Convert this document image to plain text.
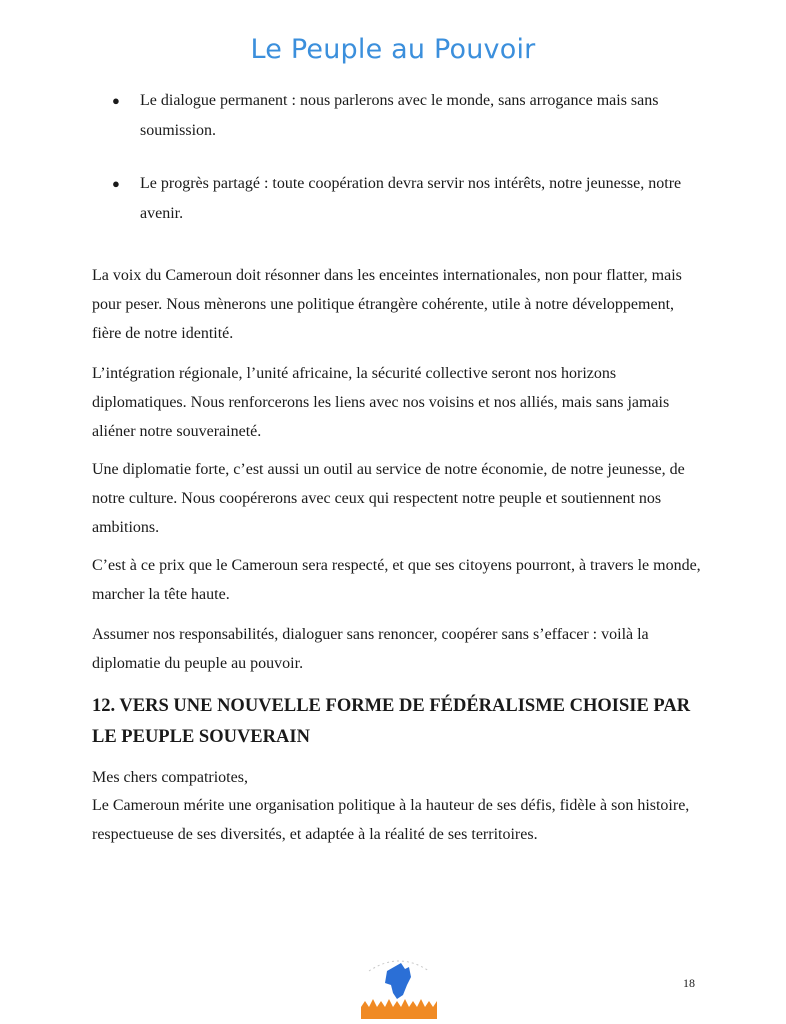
Le Peuple au Pouvoir
● Le dialogue permanent : nous parlerons avec le monde, sans arrogance mais sans soumission.
● Le progrès partagé : toute coopération devra servir nos intérêts, notre jeunesse, notre avenir.

La voix du Cameroun doit résonner dans les enceintes internationales, non pour flatter, mais pour peser. Nous mènerons une politique étrangère cohérente, utile à notre développement, fière de notre identité.

L’intégration régionale, l’unité africaine, la sécurité collective seront nos horizons diplomatiques. Nous renforcerons les liens avec nos voisins et nos alliés, mais sans jamais aliéner notre souveraineté.

Une diplomatie forte, c’est aussi un outil au service de notre économie, de notre jeunesse, de notre culture. Nous coopérerons avec ceux qui respectent notre peuple et soutiennent nos ambitions.

C’est à ce prix que le Cameroun sera respecté, et que ses citoyens pourront, à travers le monde, marcher la tête haute.

Assumer nos responsabilités, dialoguer sans renoncer, coopérer sans s’effacer : voilà la diplomatie du peuple au pouvoir.

12. VERS UNE NOUVELLE FORME DE FÉDÉRALISME CHOISIE PAR LE PEUPLE SOUVERAIN

Mes chers compatriotes,

Le Cameroun mérite une organisation politique à la hauteur de ses défis, fidèle à son histoire, respectueuse de ses diversités, et adaptée à la réalité de ses territoires.

18
